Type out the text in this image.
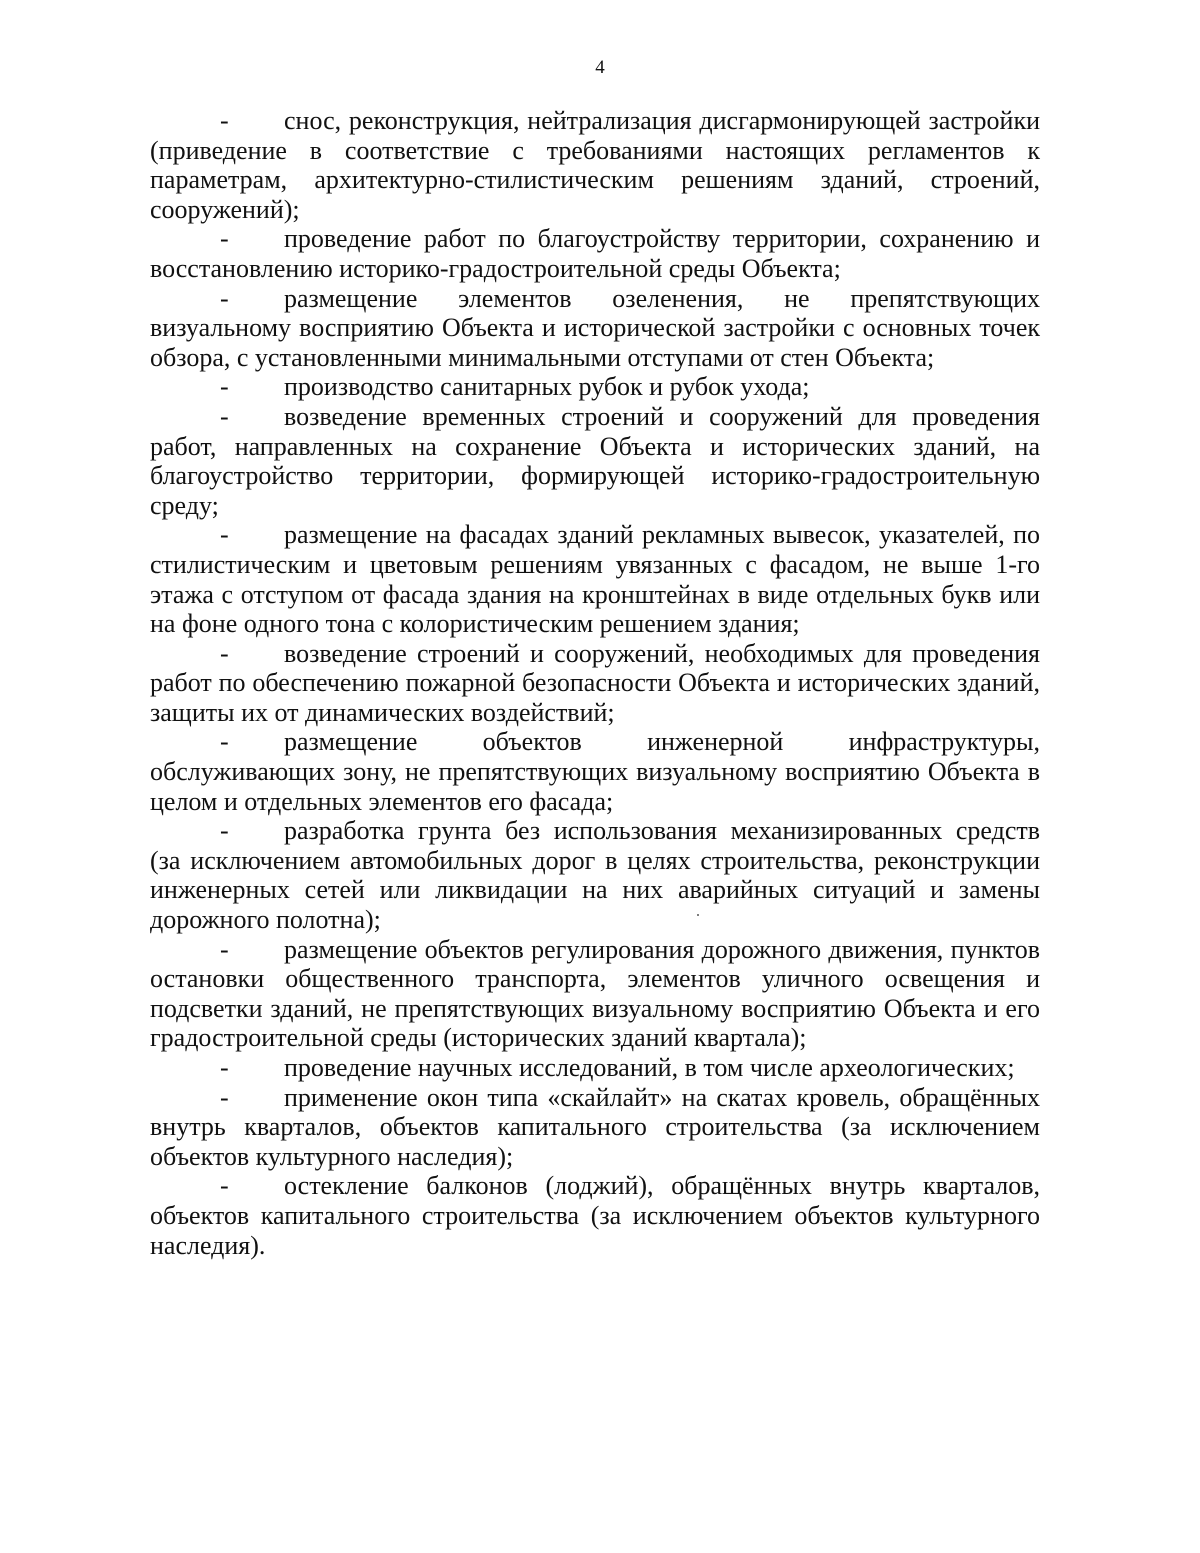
4

- снос, реконструкция, нейтрализация дисгармонирующей застройки (приведение в соответствие с требованиями настоящих регламентов к параметрам, архитектурно-стилистическим решениям зданий, строений, сооружений);

- проведение работ по благоустройству территории, сохранению и восстановлению историко-градостроительной среды Объекта;

- размещение элементов озеленения, не препятствующих визуальному восприятию Объекта и исторической застройки с основных точек обзора, с установленными минимальными отступами от стен Объекта;

- производство санитарных рубок и рубок ухода;

- возведение временных строений и сооружений для проведения работ, направленных на сохранение Объекта и исторических зданий, на благоустройство территории, формирующей историко-градостроительную среду;

- размещение на фасадах зданий рекламных вывесок, указателей, по стилистическим и цветовым решениям увязанных с фасадом, не выше 1-го этажа с отступом от фасада здания на кронштейнах в виде отдельных букв или на фоне одного тона с колористическим решением здания;

- возведение строений и сооружений, необходимых для проведения работ по обеспечению пожарной безопасности Объекта и исторических зданий, защиты их от динамических воздействий;

- размещение объектов инженерной инфраструктуры, обслуживающих зону, не препятствующих визуальному восприятию Объекта в целом и отдельных элементов его фасада;

- разработка грунта без использования механизированных средств (за исключением автомобильных дорог в целях строительства, реконструкции инженерных сетей или ликвидации на них аварийных ситуаций и замены дорожного полотна);

- размещение объектов регулирования дорожного движения, пунктов остановки общественного транспорта, элементов уличного освещения и подсветки зданий, не препятствующих визуальному восприятию Объекта и его градостроительной среды (исторических зданий квартала);

- проведение научных исследований, в том числе археологических;

- применение окон типа «скайлайт» на скатах кровель, обращённых внутрь кварталов, объектов капитального строительства (за исключением объектов культурного наследия);

- остекление балконов (лоджий), обращённых внутрь кварталов, объектов капитального строительства (за исключением объектов культурного наследия).
